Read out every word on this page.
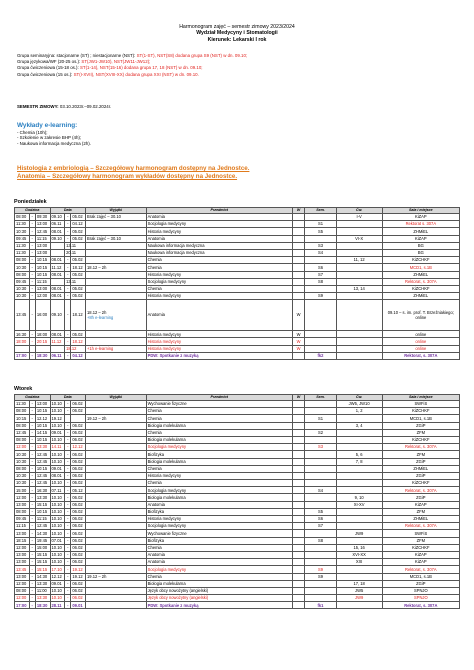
Harmonogram zajęć – semestr zimowy 2023/2024
Wydział Medycyny i Stomatologii
Kierunek: Lekarski I rok
Grupa seminaryjna: stacjonarne (ST) ; niestacjonarne (NST): ST(1-ST), NST(S8) dodana grupa S9 (NST) w dn. 09.10;
Grupa językowa/WF (20-25 os.): ST(JW1-JW10), NST(JW11-JW12);
Grupa ćwiczeniowa (15-18 os.): ST(1-14), NST(15-16) dodana grupa 17, 18 (NST) w dn. 09.10;
Grupa ćwiczeniowa (15 os.): ST(I-XVII), NST(XVIII-XX) dodana grupa XXI (NST) w dn. 09.10.
SEMESTR ZIMOWY: 03.10.2023r.–09.02.2024r.
Wykłady e-learning:
- Chemia (10h);
- Szkolenie w zakresie BHP (4h);
- Naukowa informacja medyczna (2h).
Histologia z embriologią – Szczegółowy harmonogram dostępny na Jednostce.
Anatomia – Szczegółowy harmonogram wykładów dostępny na Jednostce.
Poniedziałek
Godzina			Data			Wyjątki	Przedmiot	W	Sem.	Ćw.	Sala i miejsce
08:00	-	09:30	09.10	-	05.02	Brak zajęć – 30.10	Anatomia			I-V	KiZAP
11:30	-	13:00	06.11	-	04.12		Socjologia medycyny		S1		Rektorat s. 307A
10:30	-	12:45	08.01	-	05.02		Historia medycyny		S5		ZHMiEL
09:45	-	11:15	09.10	-	05.02	Brak zajęć – 30.10	Anatomia			VI-X	KiZAP
11:30	-	13:00		13.11			Naukowa informacja medyczna		S3		BG
11:30	-	13:00		20.11			Naukowa informacja medyczna		S4		BG
08:00	-	10:15	08.01	-	05.02		Chemia			11, 12	KiZCHKF
10:30	-	10:15	11.12	-	18.12	18.12 – 2h	Chemia		S6		MCD1, s.1B
08:00	-	10:15	08.01	-	05.02		Historia medycyny		S7		ZHMiEL
09:45	-	11:15		13.11			Socjologia medycyny		S8		Rektorat, s. 307A
10:30	-	13:00	08.01	-	05.02		Chemia			13, 14	KiZCHKF
10:30	-	12:00	08.01	-	05.02		Historia medycyny		S9		ZHMiEL
13:45	-	16:00	09.10	-	18.12	18.12 – 2h
+8h e-learning	Anatomia	W			09.10 – s. im. prof. T. Brzeźniakiego;
online

16:30	-	18:00	08.01	-	05.02		Historia medycyny	W			online
18:00	-	20:15	11.12	-	18.12		Historia medycyny	W			online
				18.12		+1h e-learning	Historia medycyny	W			online
17:00	-	18:30	06.11	-	04.12		PDW: Spotkanie z muzyką		fk2		Rektorat, s. 307A
Wtorek
Godzina			Data			Wyjątki	Przedmiot	W	Sem.	Ćw.	Sala i miejsce
11:30	-	13:00	10.10	-	06.02		Wychowanie fizyczne			JW5, JW10	SWFiS
08:00	-	10:15	10.10	-	06.02		Chemia			1, 2	KiZCHKF
10:15	-	12.12	19.12			19.12 – 2h	Chemia		S1		MCD1, s.1B
08:00	-	10:15	10.10	-	06.02		Biologia molekularna			3, 4	ZGiP
12:45	-	14:15	09.01	-	06.02		Chemia		S2		ZFM
08:00	-	10:15	10.10	-	06.02		Biologia molekularna				KiZCHKF
12:00	-	13:30	14.11	-	12.12		Socjologia medycyny		S3		Rektorat, s. 307A
10:30	-	12:45	10.10	-	06.02		Biofizyka			5, 6	ZFM
10:30	-	12:45	10.10	-	06.02		Biologia molekularna			7, 8	ZGiP
08:00	-	10:15	09.01	-	06.02		Chemia				ZHMiEL
10:30	-	12:45	08.01	-	06.02		Historia medycyny				ZGiP
10:30	-	12:45	10.10	-	06.02		Chemia				KiZCHKF
15:00	-	16:30	07.11	-	05.12		Socjologia medycyny		S4		Rektorat, s. 307A
12:00	-	13:30	10.10	-	06.02		Biologia molekularna			9, 10	ZGiP
13:00	-	15:15	10.10	-	06.02		Anatomia			XI-XV	KiZAP
08:00	-	10:15	10.10	-	06.02		Biofizyka		S5		ZFM
09:45	-	11:15	10.10	-	06.02		Historia medycyny		S6		ZHMiEL
11:15	-	12:45	10.10	-	06.02		Socjologia medycyny		S7		Rektorat, s. 307A
13:00	-	14:30	10.10	-	06.02		Wychowanie fizyczne			JW9	SWFiS
18:15	-	19:45	07.01	-	06.02		Biofizyka		S8		ZFM
12:00	-	15:00	10.10	-	06.02		Chemia			15, 16	KiZCHKF
13:00	-	15:15	10.10	-	06.02		Anatomia			XVI-XX	KiZAP
13:00	-	15:15	10.10	-	06.02		Anatomia			XXI	KiZAP
13:45	-	15:15	17.10	-	19.12		Socjologia medycyny		S9		Rektorat, s. 307A
13:00	-	14:30	12.12	-	19.12	19.12 – 2h	Chemia		S9		MCD1, s.1B
12:00	-	13:30	09.01	-	06.02		Biologia molekularna			17, 18	ZGiP
08:00	-	11:00	10.10	-	06.02		Język obcy nowożytny (angielski)			JW5	SPNJO
12:00	-	13:30	10.10	-	06.02		Język obcy nowożytny (angielski)			JW9	SPNJO
17:00	-	18:30	28.11	-	09.01		PDW: Spotkanie z muzyką		fk1		Rektorat, s. 307A
